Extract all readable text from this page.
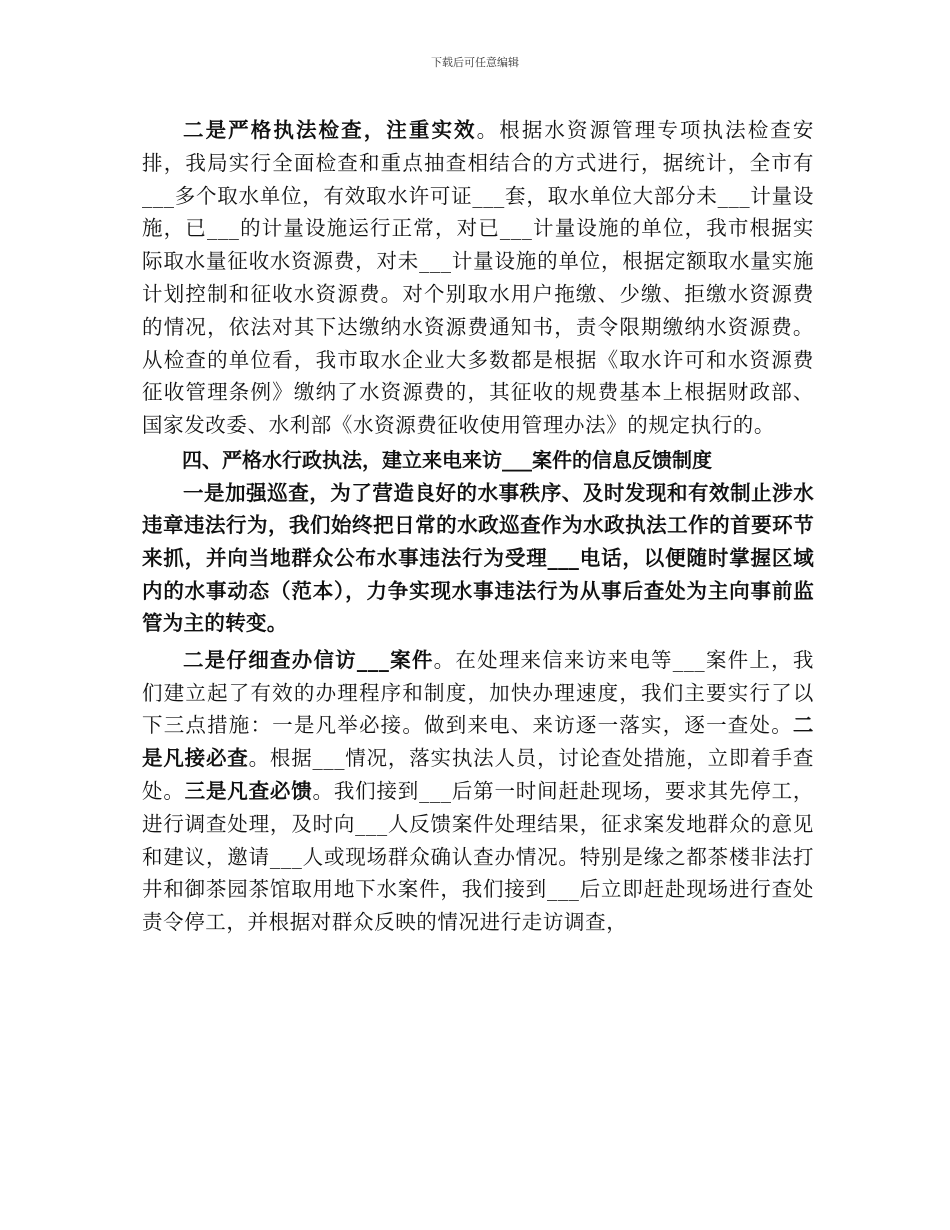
下载后可任意编辑

二是严格执法检查，注重实效。根据水资源管理专项执法检查安排，我局实行全面检查和重点抽查相结合的方式进行，据统计，全市有___多个取水单位，有效取水许可证___套，取水单位大部分未___计量设施，已___的计量设施运行正常，对已___计量设施的单位，我市根据实际取水量征收水资源费，对未___计量设施的单位，根据定额取水量实施计划控制和征收水资源费。对个别取水用户拖缴、少缴、拒缴水资源费的情况，依法对其下达缴纳水资源费通知书，责令限期缴纳水资源费。从检查的单位看，我市取水企业大多数都是根据《取水许可和水资源费征收管理条例》缴纳了水资源费的，其征收的规费基本上根据财政部、国家发改委、水利部《水资源费征收使用管理办法》的规定执行的。

四、严格水行政执法，建立来电来访___案件的信息反馈制度

一是加强巡查，为了营造良好的水事秩序、及时发现和有效制止涉水违章违法行为，我们始终把日常的水政巡查作为水政执法工作的首要环节来抓，并向当地群众公布水事违法行为受理___电话，以便随时掌握区域内的水事动态（范本），力争实现水事违法行为从事后查处为主向事前监管为主的转变。

二是仔细查办信访___案件。在处理来信来访来电等___案件上，我们建立起了有效的办理程序和制度，加快办理速度，我们主要实行了以下三点措施：一是凡举必接。做到来电、来访逐一落实，逐一查处。二是凡接必查。根据___情况，落实执法人员，讨论查处措施，立即着手查处。三是凡查必馈。我们接到___后第一时间赶赴现场，要求其先停工，进行调查处理，及时向___人反馈案件处理结果，征求案发地群众的意见和建议，邀请___人或现场群众确认查办情况。特别是缘之都茶楼非法打井和御茶园茶馆取用地下水案件，我们接到___后立即赶赴现场进行查处责令停工，并根据对群众反映的情况进行走访调查，
